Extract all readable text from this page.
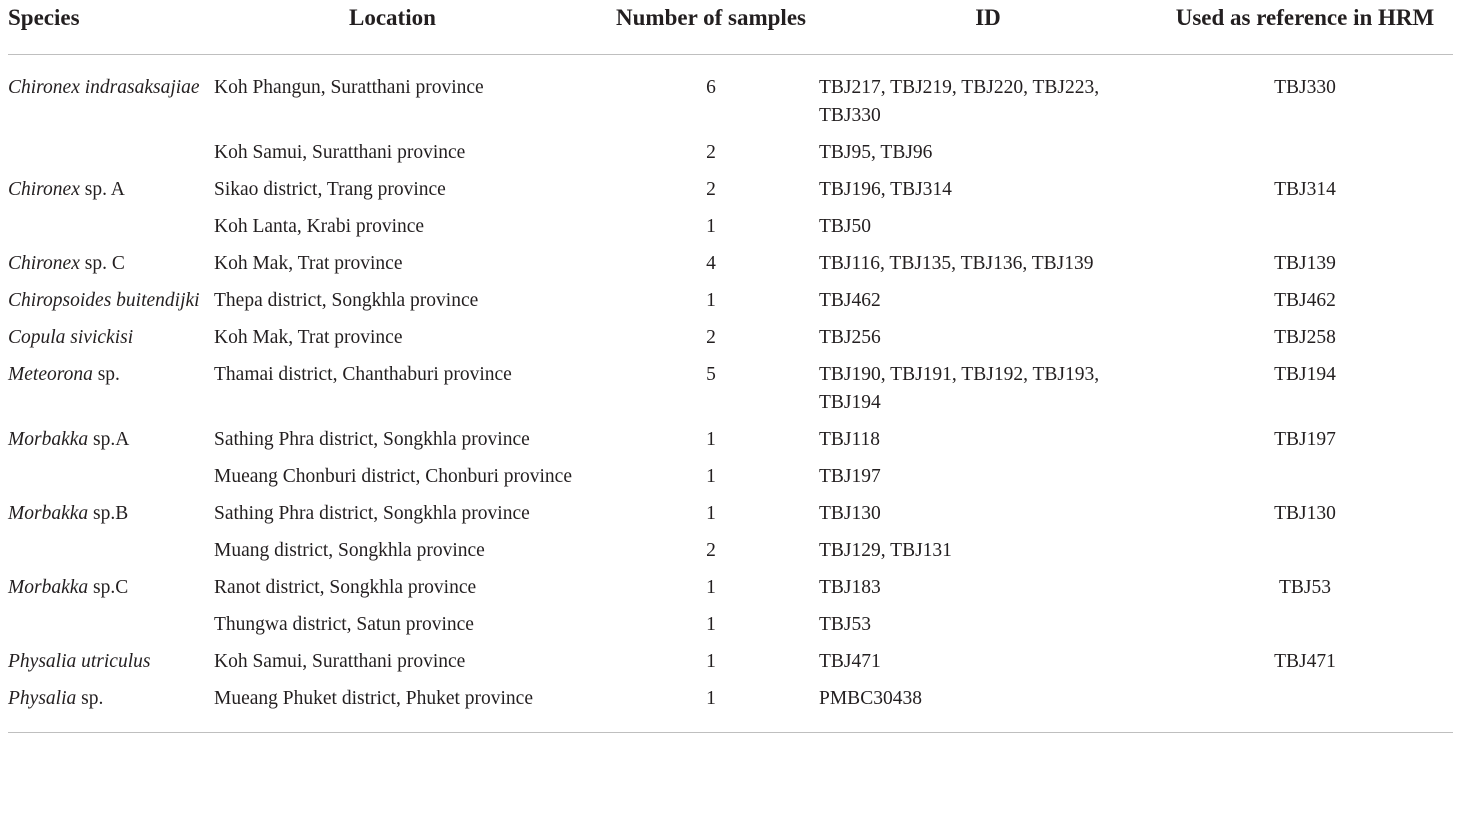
Species	Location	Number of samples	ID	Used as reference in HRM
Chironex indrasaksajiae	Koh Phangun, Suratthani province	6	TBJ217, TBJ219, TBJ220, TBJ223, TBJ330	TBJ330
	Koh Samui, Suratthani province	2	TBJ95, TBJ96	
Chironex sp. A	Sikao district, Trang province	2	TBJ196, TBJ314	TBJ314
	Koh Lanta, Krabi province	1	TBJ50	
Chironex sp. C	Koh Mak, Trat province	4	TBJ116, TBJ135, TBJ136, TBJ139	TBJ139
Chiropsoides buitendijki	Thepa district, Songkhla province	1	TBJ462	TBJ462
Copula sivickisi	Koh Mak, Trat province	2	TBJ256	TBJ258
Meteorona sp.	Thamai district, Chanthaburi province	5	TBJ190, TBJ191, TBJ192, TBJ193, TBJ194	TBJ194
Morbakka sp.A	Sathing Phra district, Songkhla province	1	TBJ118	TBJ197
	Mueang Chonburi district, Chonburi province	1	TBJ197	
Morbakka sp.B	Sathing Phra district, Songkhla province	1	TBJ130	TBJ130
	Muang district, Songkhla province	2	TBJ129, TBJ131	
Morbakka sp.C	Ranot district, Songkhla province	1	TBJ183	TBJ53
	Thungwa district, Satun province	1	TBJ53	
Physalia utriculus	Koh Samui, Suratthani province	1	TBJ471	TBJ471
Physalia sp.	Mueang Phuket district, Phuket province	1	PMBC30438	
